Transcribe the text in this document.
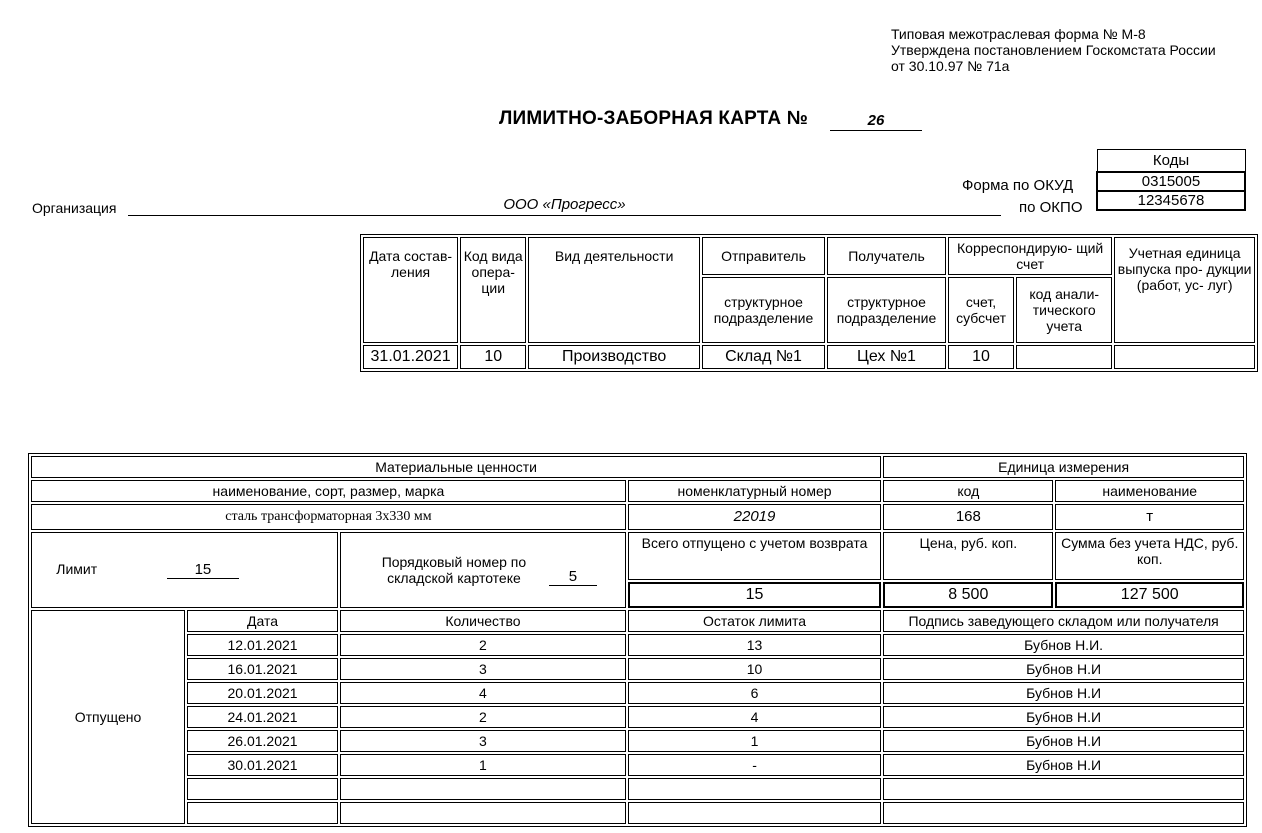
Типовая межотраслевая форма № М-8
Утверждена постановлением Госкомстата России
от 30.10.97 № 71а
ЛИМИТНО-ЗАБОРНАЯ КАРТА №	26
Коды
0315005
12345678
Форма по ОКУД
по ОКПО
Организация	ООО «Прогресс»
Дата состав- ления	Код вида опера- ции	Вид деятельности	Отправитель	Получатель	Корреспондирую- щий счет		Учетная единица выпуска про- дукции (работ, ус- луг)
			структурное подразделение	структурное подразделение	счет, субсчет	код анали- тического учета	
31.01.2021	10	Производство	Склад №1	Цех №1	10		
Материальные ценности				Единица измерения	
наименование, сорт, размер, марка			номенклатурный номер	код	наименование
сталь трансформаторная 3х330 мм			22019	168	т
Лимит 15		Порядковый номер по складской картотеке 5	Всего отпущено с учетом возврата	Цена, руб. коп.	Сумма без учета НДС, руб. коп.
			15	8 500	127 500
Отпущено	Дата	Количество	Остаток лимита	Подпись заведующего складом или получателя	
	12.01.2021	2	13	Бубнов Н.И.	
	16.01.2021	3	10	Бубнов Н.И	
	20.01.2021	4	6	Бубнов Н.И	
	24.01.2021	2	4	Бубнов Н.И	
	26.01.2021	3	1	Бубнов Н.И	
	30.01.2021	1	-	Бубнов Н.И	
